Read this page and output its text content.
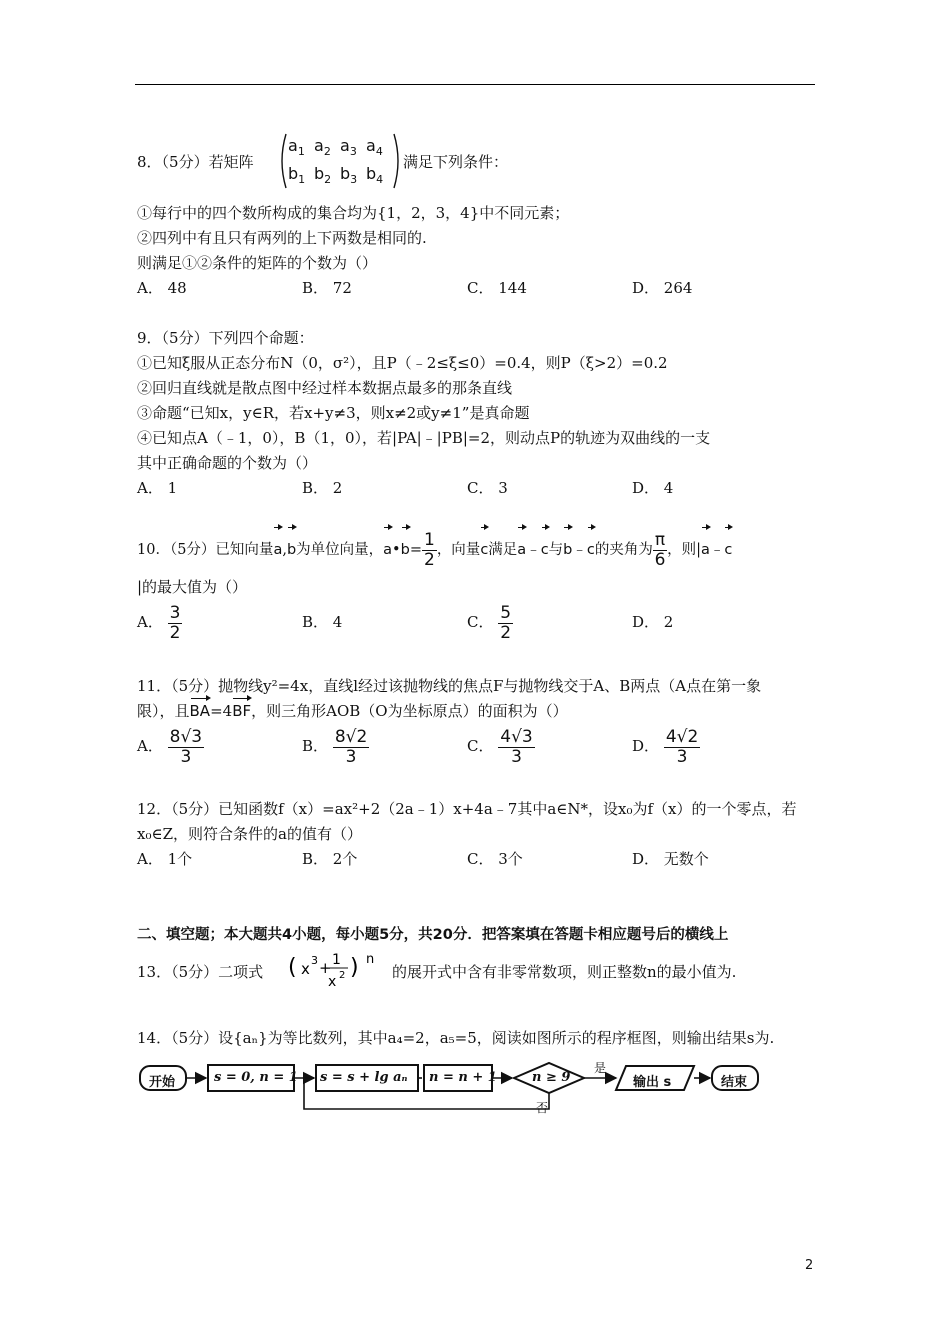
8．（5分）若矩阵
$a_1$ $a_2$ $a_3$ $a_4$
$b_1$ $b_2$ $b_3$ $b_4$
满足下列条件：
①每行中的四个数所构成的集合均为{1，2，3，4}中不同元素；
②四列中有且只有两列的上下两数是相同的.
则满足①②条件的矩阵的个数为（）
A． 48	B． 72	C． 144	D． 264
9．（5分）下列四个命题：
①已知ξ服从正态分布N（0，σ²），且P（﹣2≤ξ≤0）=0.4，则P（ξ>2）=0.2
②回归直线就是散点图中经过样本数据点最多的那条直线
③命题“已知x，y∈R，若x+y≠3，则x≠2或y≠1”是真命题
④已知点A（﹣1，0），B（1，0），若|PA|﹣|PB|=2，则动点P的轨迹为双曲线的一支
其中正确命题的个数为（）
A． 1	B． 2	C． 3	D． 4
10．（5分）已知向量a,b为单位向量，a•b= $\frac{1}{2}$ ，向量c满足a﹣c与b﹣c的夹角为 $\frac{\pi}{6}$ ，则|a﹣c
|的最大值为（）
A． $\frac{3}{2}$	B． 4	C． $\frac{5}{2}$	D． 2
11．（5分）抛物线y²=4x，直线l经过该抛物线的焦点F与抛物线交于A、B两点（A点在第一象
限），且BA=4BF，则三角形AOB（O为坐标原点）的面积为（）
A． $\frac{8√3}{3}$	B． $\frac{8√2}{3}$	C． $\frac{4√3}{3}$	D． $\frac{4√2}{3}$
12．（5分）已知函数f（x）=ax²+2（2a﹣1）x+4a﹣7其中a∈N*，设x₀为f（x）的一个零点，若
x₀∈Z，则符合条件的a的值有（）
A． 1个	B． 2个	C． 3个	D． 无数个
二、填空题；本大题共4小题，每小题5分，共20分．把答案填在答题卡相应题号后的横线上
13．（5分）二项式 ( x 3 + 1
x 2 ) n
的展开式中含有非零常数项，则正整数n的最小值为.
14．（5分）设{aₙ}为等比数列，其中a₄=2，a₅=5，阅读如图所示的程序框图，则输出结果s为.
开始	s = 0, n = 1 s = s + lg aₙ n = n + 1	n ≥ 9
是
否
输出 s	结束
2
